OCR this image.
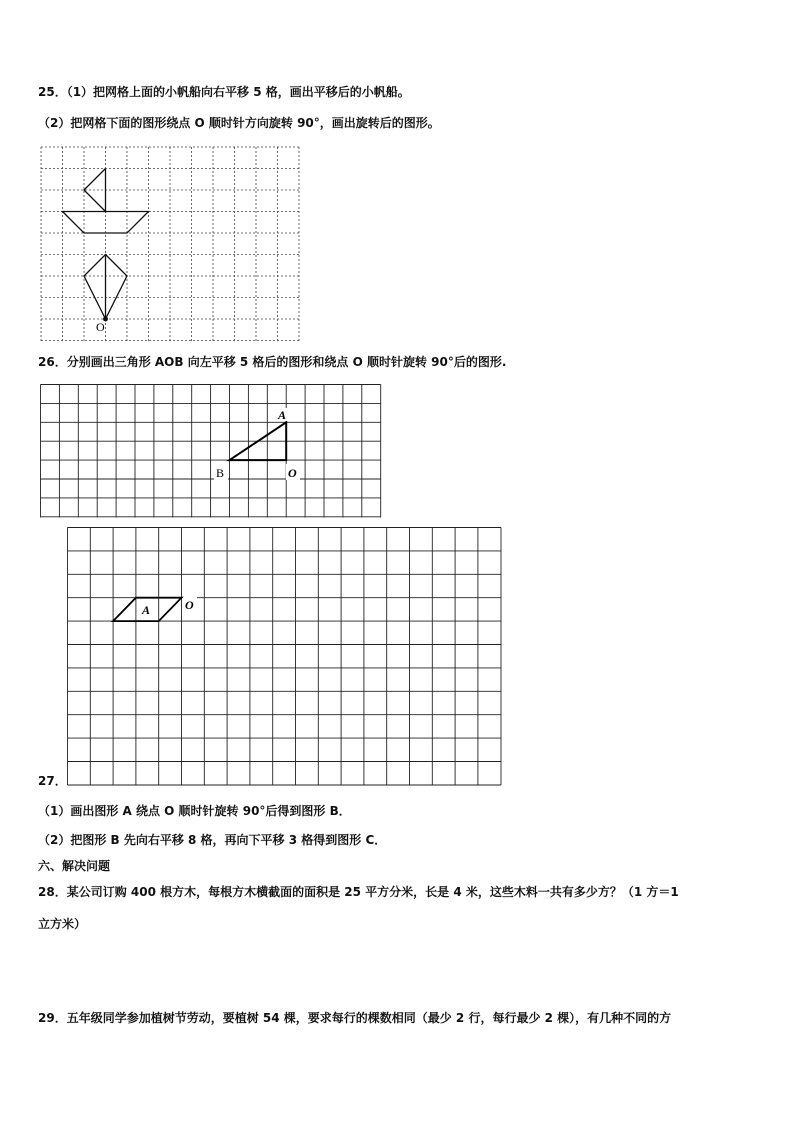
25．（1）把网格上面的小帆船向右平移 5 格，画出平移后的小帆船。
（2）把网格下面的图形绕点 O 顺时针方向旋转 90°，画出旋转后的图形。
O
26．分别画出三角形 AOB 向左平移 5 格后的图形和绕点 O 顺时针旋转 90°后的图形.
A
B	O
A	O
27．
（1）画出图形 A 绕点 O 顺时针旋转 90°后得到图形 B．
（2）把图形 B 先向右平移 8 格，再向下平移 3 格得到图形 C．
六、解决问题
28．某公司订购 400 根方木，每根方木横截面的面积是 25 平方分米，长是 4 米，这些木料一共有多少方？（1 方＝1
立方米）
29．五年级同学参加植树节劳动，要植树 54 棵，要求每行的棵数相同（最少 2 行，每行最少 2 棵），有几种不同的方
